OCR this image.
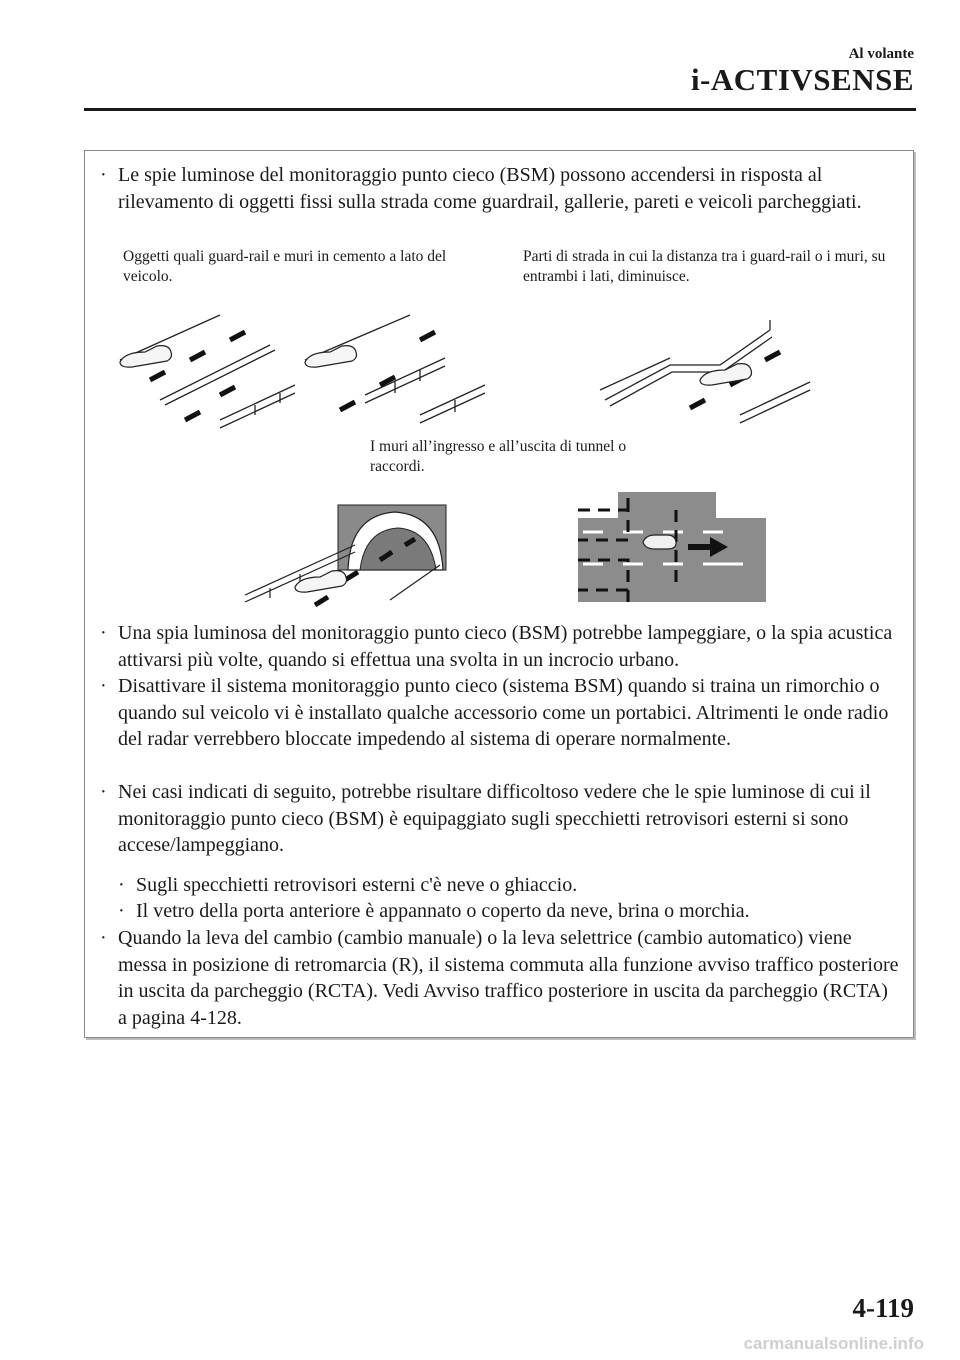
Al volante
i-ACTIVSENSE
· Le spie luminose del monitoraggio punto cieco (BSM) possono accendersi in risposta al rilevamento di oggetti fissi sulla strada come guardrail, gallerie, pareti e veicoli parcheggiati.
Oggetti quali guard-rail e muri in cemento a lato del veicolo.
Parti di strada in cui la distanza tra i guard-rail o i muri, su entrambi i lati, diminuisce.
I muri all’ingresso e all’uscita di tunnel o raccordi.
· Una spia luminosa del monitoraggio punto cieco (BSM) potrebbe lampeggiare, o la spia acustica attivarsi più volte, quando si effettua una svolta in un incrocio urbano.
· Disattivare il sistema monitoraggio punto cieco (sistema BSM) quando si traina un rimorchio o quando sul veicolo vi è installato qualche accessorio come un portabici. Altrimenti le onde radio del radar verrebbero bloccate impedendo al sistema di operare normalmente.
· Nei casi indicati di seguito, potrebbe risultare difficoltoso vedere che le spie luminose di cui il monitoraggio punto cieco (BSM) è equipaggiato sugli specchietti retrovisori esterni si sono accese/lampeggiano.
· Sugli specchietti retrovisori esterni c'è neve o ghiaccio.
· Il vetro della porta anteriore è appannato o coperto da neve, brina o morchia.
· Quando la leva del cambio (cambio manuale) o la leva selettrice (cambio automatico) viene messa in posizione di retromarcia (R), il sistema commuta alla funzione avviso traffico posteriore in uscita da parcheggio (RCTA). Vedi Avviso traffico posteriore in uscita da parcheggio (RCTA) a pagina 4-128.
4-119
carmanualsonline.info
